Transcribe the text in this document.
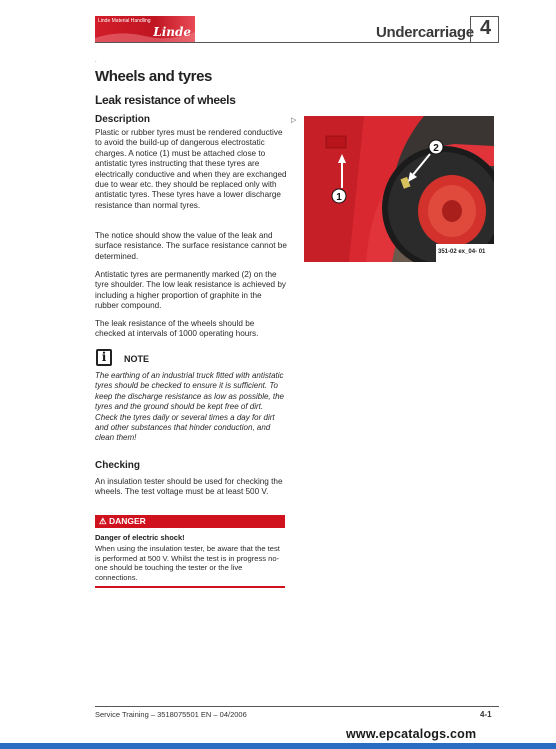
Linde Material Handling
Linde	Undercarriage 4
.
Wheels and tyres
Leak resistance of wheels
Description

Plastic or rubber tyres must be rendered conductive to avoid the build-up of dangerous electrostatic charges. A notice (1) must be attached close to antistatic tyres instructing that these tyres are electrically conductive and when they are exchanged due to wear etc. they should be replaced only with antistatic tyres. These tyres have a lower discharge resistance than normal tyres.

The notice should show the value of the leak and surface resistance. The surface resistance cannot be determined.

Antistatic tyres are permanently marked (2) on the tyre shoulder. The low leak resistance is achieved by including a higher proportion of graphite in the rubber compound.

The leak resistance of the wheels should be checked at intervals of 1000 operating hours.

i	NOTE

The earthing of an industrial truck fitted with antistatic tyres should be checked to ensure it is sufficient. To keep the discharge resistance as low as possible, the tyres and the ground should be kept free of dirt. Check the tyres daily or several times a day for dirt and other substances that hinder conduction, and clean them!

Checking

An insulation tester should be used for checking the wheels. The test voltage must be at least 500 V.

⚠ DANGER
Danger of electric shock!

When using the insulation tester, be aware that the test is performed at 500 V. Whilst the test is in progress no-one should be touching the tester or the live connections.

▷
1
2
351-02 ex_04- 01
Service Training – 3518075501 EN – 04/2006	4-1
www.epcatalogs.com
